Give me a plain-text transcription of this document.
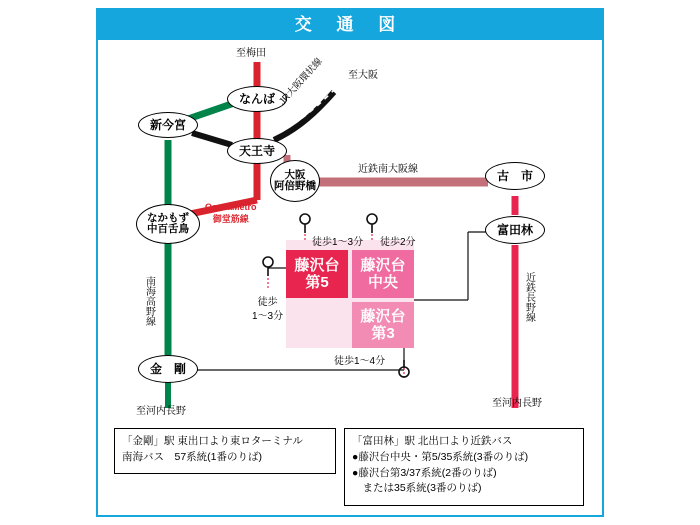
交 通 図
藤沢台
第5
藤沢台
中央
藤沢台
第3
なんば
新今宮
天王寺
大阪
阿倍野橋
なかもず
中百舌鳥
金　剛
古　市
富田林
至梅田
至大阪
JR大阪環状線
OsakaMetro
御堂筋線
近鉄南大阪線
南海高野線	近鉄長野線
至河内長野
至河内長野
徒歩1〜3分 徒歩2分
徒歩
1〜3分
徒歩1〜4分
「金剛」駅 東出口より東ロターミナル
南海バス　57系統(1番のりば)
「富田林」駅 北出口より近鉄バス
●藤沢台中央・第5/35系統(3番のりば)
●藤沢台第3/37系統(2番のりば)
　または35系統(3番のりば)
